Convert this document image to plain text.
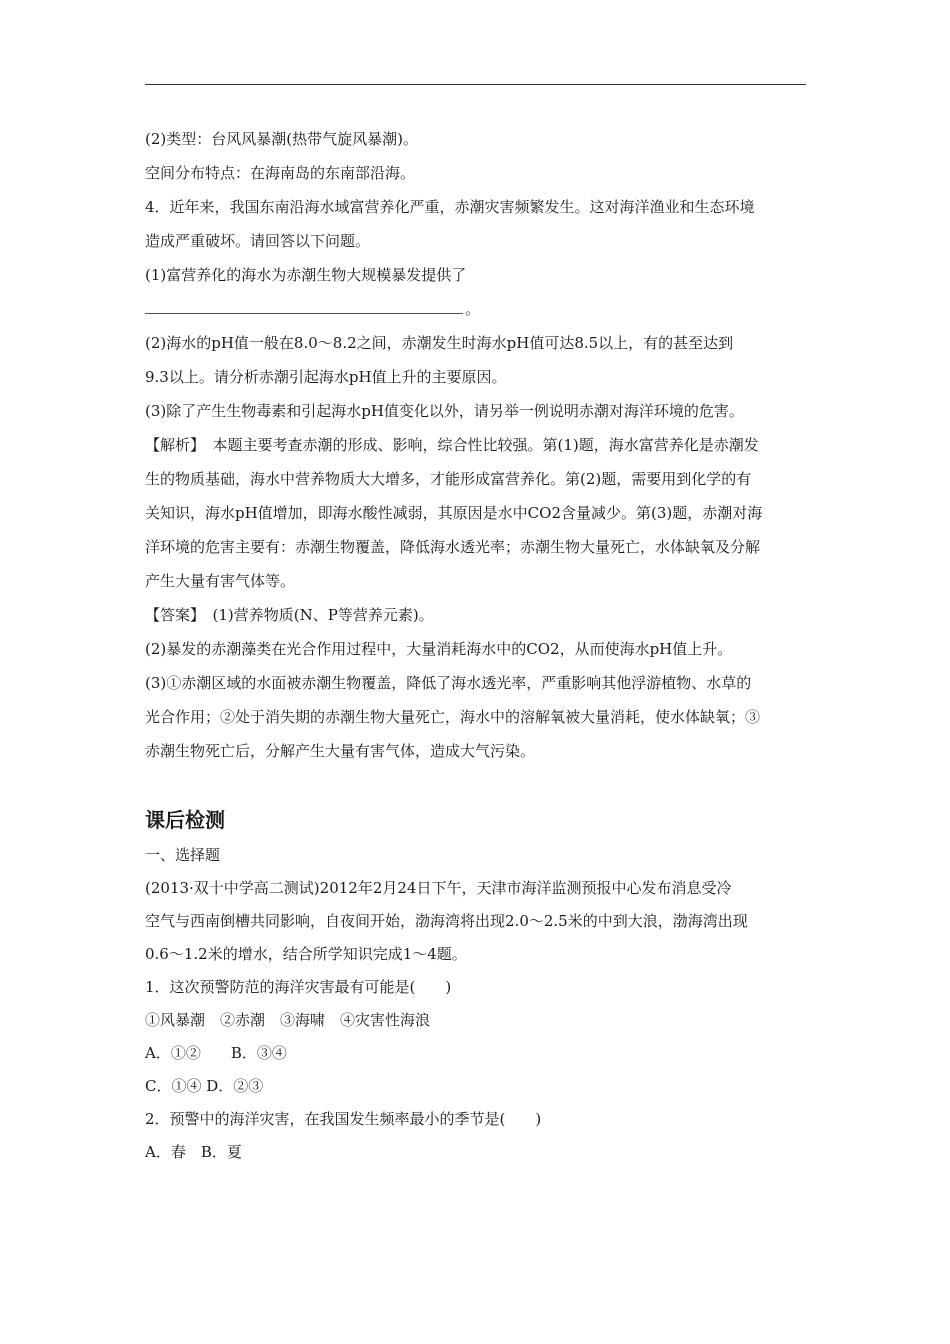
(2)类型：台风风暴潮(热带气旋风暴潮)。
空间分布特点：在海南岛的东南部沿海。
4．近年来，我国东南沿海水域富营养化严重，赤潮灾害频繁发生。这对海洋渔业和生态环境
造成严重破坏。请回答以下问题。
(1)富营养化的海水为赤潮生物大规模暴发提供了
。
(2)海水的pH值一般在8.0～8.2之间，赤潮发生时海水pH值可达8.5以上，有的甚至达到
9.3以上。请分析赤潮引起海水pH值上升的主要原因。
(3)除了产生生物毒素和引起海水pH值变化以外，请另举一例说明赤潮对海洋环境的危害。
【解析】　本题主要考查赤潮的形成、影响，综合性比较强。第(1)题，海水富营养化是赤潮发
生的物质基础，海水中营养物质大大增多，才能形成富营养化。第(2)题，需要用到化学的有
关知识，海水pH值增加，即海水酸性减弱，其原因是水中CO2含量减少。第(3)题，赤潮对海
洋环境的危害主要有：赤潮生物覆盖，降低海水透光率；赤潮生物大量死亡，水体缺氧及分解
产生大量有害气体等。
【答案】　(1)营养物质(N、P等营养元素)。
(2)暴发的赤潮藻类在光合作用过程中，大量消耗海水中的CO2，从而使海水pH值上升。
(3)①赤潮区域的水面被赤潮生物覆盖，降低了海水透光率，严重影响其他浮游植物、水草的
光合作用；②处于消失期的赤潮生物大量死亡，海水中的溶解氧被大量消耗，使水体缺氧；③
赤潮生物死亡后，分解产生大量有害气体，造成大气污染。
课后检测
一、选择题
(2013·双十中学高二测试)2012年2月24日下午，天津市海洋监测预报中心发布消息受冷
空气与西南倒槽共同影响，自夜间开始，渤海湾将出现2.0～2.5米的中到大浪，渤海湾出现
0.6～1.2米的增水，结合所学知识完成1～4题。
1．这次预警防范的海洋灾害最有可能是(　　)
①风暴潮　②赤潮　③海啸　④灾害性海浪
A．①②　　B．③④
C．①④ D．②③
2．预警中的海洋灾害，在我国发生频率最小的季节是(　　)
A．春　B．夏
